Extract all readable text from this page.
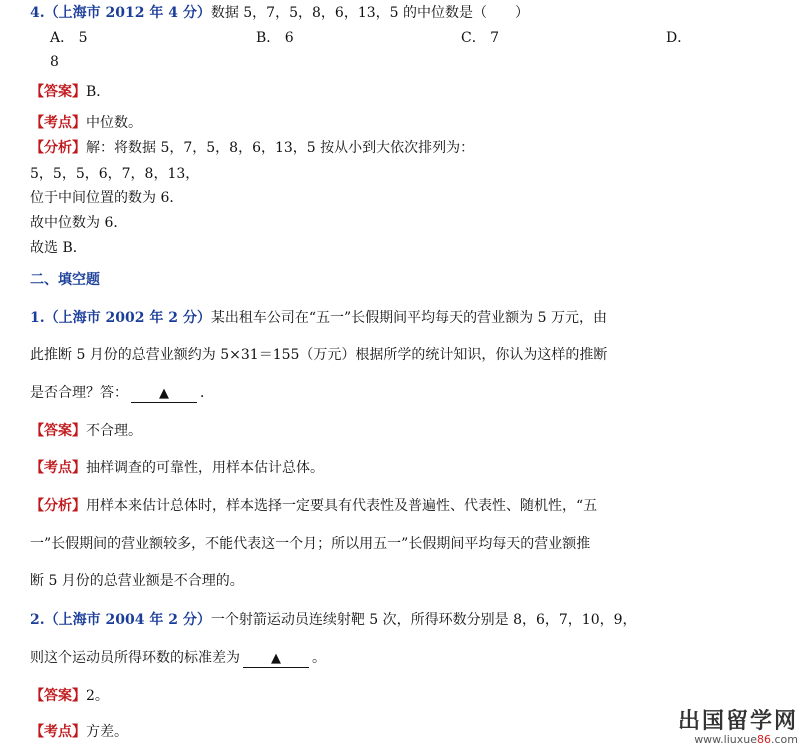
4.（上海市 2012 年 4 分）数据 5，7，5，8，6，13，5 的中位数是（　　）
A． 5	B． 6	C． 7	D．
8
【答案】B．
【考点】中位数。
【分析】解：将数据 5，7，5，8，6，13，5 按从小到大依次排列为：
5，5，5，6，7，8，13，
位于中间位置的数为 6．
故中位数为 6．
故选 B．
二、填空题
1.（上海市 2002 年 2 分）某出租车公司在“五一”长假期间平均每天的营业额为 5 万元，由
此推断 5 月份的总营业额约为 5×31＝155（万元）根据所学的统计知识，你认为这样的推断
是否合理？答： ▲ ．
【答案】不合理。
【考点】抽样调查的可靠性，用样本估计总体。
【分析】用样本来估计总体时，样本选择一定要具有代表性及普遍性、代表性、随机性，“五
一”长假期间的营业额较多，不能代表这一个月；所以用五一”长假期间平均每天的营业额推
断 5 月份的总营业额是不合理的。
2.（上海市 2004 年 2 分）一个射箭运动员连续射靶 5 次，所得环数分别是 8，6，7，10，9，
则这个运动员所得环数的标准差为 ▲ 。
【答案】2。
【考点】方差。	出国留学网
www.liuxue86.com
